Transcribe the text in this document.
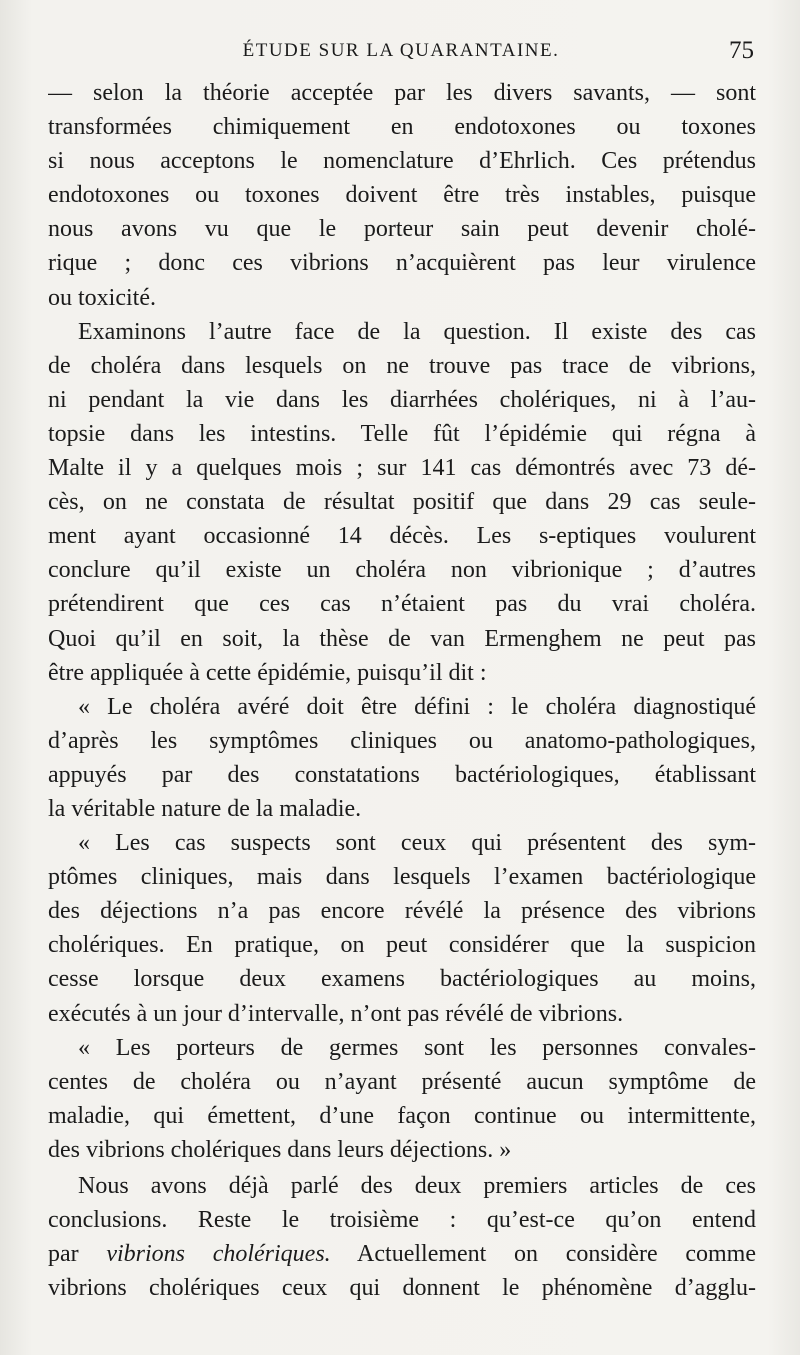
ÉTUDE SUR LA QUARANTAINE.	75
— selon la théorie acceptée par les divers savants, — sont
transformées chimiquement en endotoxones ou toxones
si nous acceptons le nomenclature d’Ehrlich. Ces prétendus
endotoxones ou toxones doivent être très instables, puisque
nous avons vu que le porteur sain peut devenir cholé-
rique ; donc ces vibrions n’acquièrent pas leur virulence
ou toxicité.
Examinons l’autre face de la question. Il existe des cas
de choléra dans lesquels on ne trouve pas trace de vibrions,
ni pendant la vie dans les diarrhées cholériques, ni à l’au-
topsie dans les intestins. Telle fût l’épidémie qui régna à
Malte il y a quelques mois ; sur 141 cas démontrés avec 73 dé-
cès, on ne constata de résultat positif que dans 29 cas seule-
ment ayant occasionné 14 décès. Les s-eptiques voulurent
conclure qu’il existe un choléra non vibrionique ; d’autres
prétendirent que ces cas n’étaient pas du vrai choléra.
Quoi qu’il en soit, la thèse de van Ermenghem ne peut pas
être appliquée à cette épidémie, puisqu’il dit :
« Le choléra avéré doit être défini : le choléra diagnostiqué
d’après les symptômes cliniques ou anatomo-pathologiques,
appuyés par des constatations bactériologiques, établissant
la véritable nature de la maladie.
« Les cas suspects sont ceux qui présentent des sym-
ptômes cliniques, mais dans lesquels l’examen bactériologique
des déjections n’a pas encore révélé la présence des vibrions
cholériques. En pratique, on peut considérer que la suspicion
cesse lorsque deux examens bactériologiques au moins,
exécutés à un jour d’intervalle, n’ont pas révélé de vibrions.
« Les porteurs de germes sont les personnes convales-
centes de choléra ou n’ayant présenté aucun symptôme de
maladie, qui émettent, d’une façon continue ou intermittente,
des vibrions cholériques dans leurs déjections. »
Nous avons déjà parlé des deux premiers articles de ces
conclusions. Reste le troisième : qu’est-ce qu’on entend
par vibrions cholériques. Actuellement on considère comme
vibrions cholériques ceux qui donnent le phénomène d’agglu-
